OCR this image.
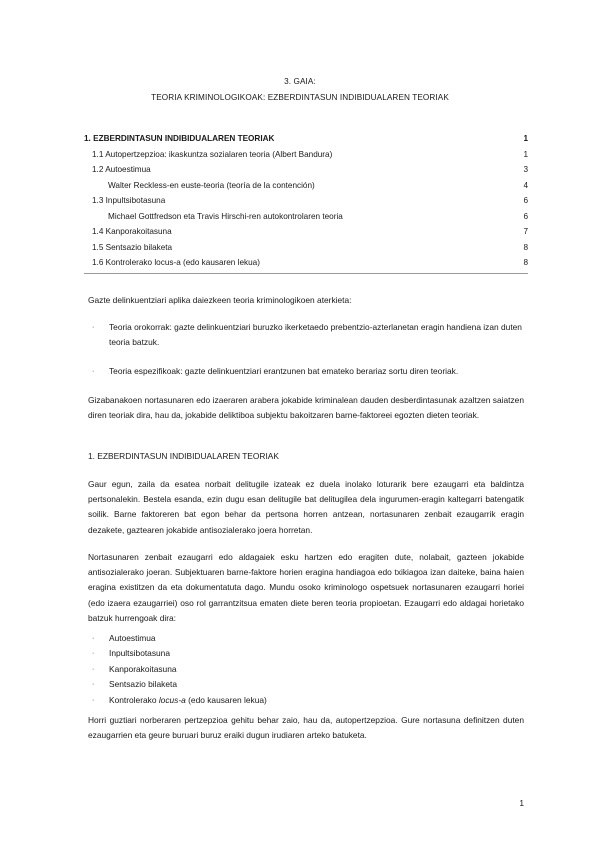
3. GAIA:
TEORIA KRIMINOLOGIKOAK: EZBERDINTASUN INDIBIDUALAREN TEORIAK
1. EZBERDINTASUN INDIBIDUALAREN TEORIAK	1
1.1 Autopertzepzioa: ikaskuntza sozialaren teoria (Albert Bandura)	1
1.2 Autoestimua	3
Walter Reckless-en euste-teoria (teoría de la contención)	4
1.3 Inpultsibotasuna	6
Michael Gottfredson eta Travis Hirschi-ren autokontrolaren teoria	6
1.4 Kanporakoitasuna	7
1.5 Sentsazio bilaketa	8
1.6 Kontrolerako locus-a (edo kausaren lekua)	8
Gazte delinkuentziari aplika daiezkeen teoria kriminologikoen aterkieta:
· Teoria orokorrak: gazte delinkuentziari buruzko ikerketaedo prebentzio-azterlanetan eragin handiena izan duten teoria batzuk.
· Teoria espezifikoak: gazte delinkuentziari erantzunen bat emateko berariaz sortu diren teoriak.
Gizabanakoen nortasunaren edo izaeraren arabera jokabide kriminalean dauden desberdintasunak azaltzen saiatzen diren teoriak dira, hau da, jokabide deliktiboa subjektu bakoitzaren barne-faktoreei egozten dieten teoriak.
1. EZBERDINTASUN INDIBIDUALAREN TEORIAK
Gaur egun, zaila da esatea norbait delitugile izateak ez duela inolako loturarik bere ezaugarri eta baldintza pertsonalekin. Bestela esanda, ezin dugu esan delitugile bat delitugilea dela ingurumen-eragin kaltegarri batengatik soilik. Barne faktoreren bat egon behar da pertsona horren antzean, nortasunaren zenbait ezaugarrik eragin dezakete, gaztearen jokabide antisozialerako joera horretan.
Nortasunaren zenbait ezaugarri edo aldagaiek esku hartzen edo eragiten dute, nolabait, gazteen jokabide antisozialerako joeran. Subjektuaren barne-faktore horien eragina handiagoa edo txikiagoa izan daiteke, baina haien eragina existitzen da eta dokumentatuta dago. Mundu osoko kriminologo ospetsuek nortasunaren ezaugarri horiei (edo izaera ezaugarriei) oso rol garrantzitsua ematen diete beren teoria propioetan. Ezaugarri edo aldagai horietako batzuk hurrengoak dira:
· Autoestimua
· Inpultsibotasuna
· Kanporakoitasuna
· Sentsazio bilaketa
· Kontrolerako locus-a (edo kausaren lekua)
Horri guztiari norberaren pertzepzioa gehitu behar zaio, hau da, autopertzepzioa. Gure nortasuna definitzen duten ezaugarrien eta geure buruari buruz eraiki dugun irudiaren arteko batuketa.
1
